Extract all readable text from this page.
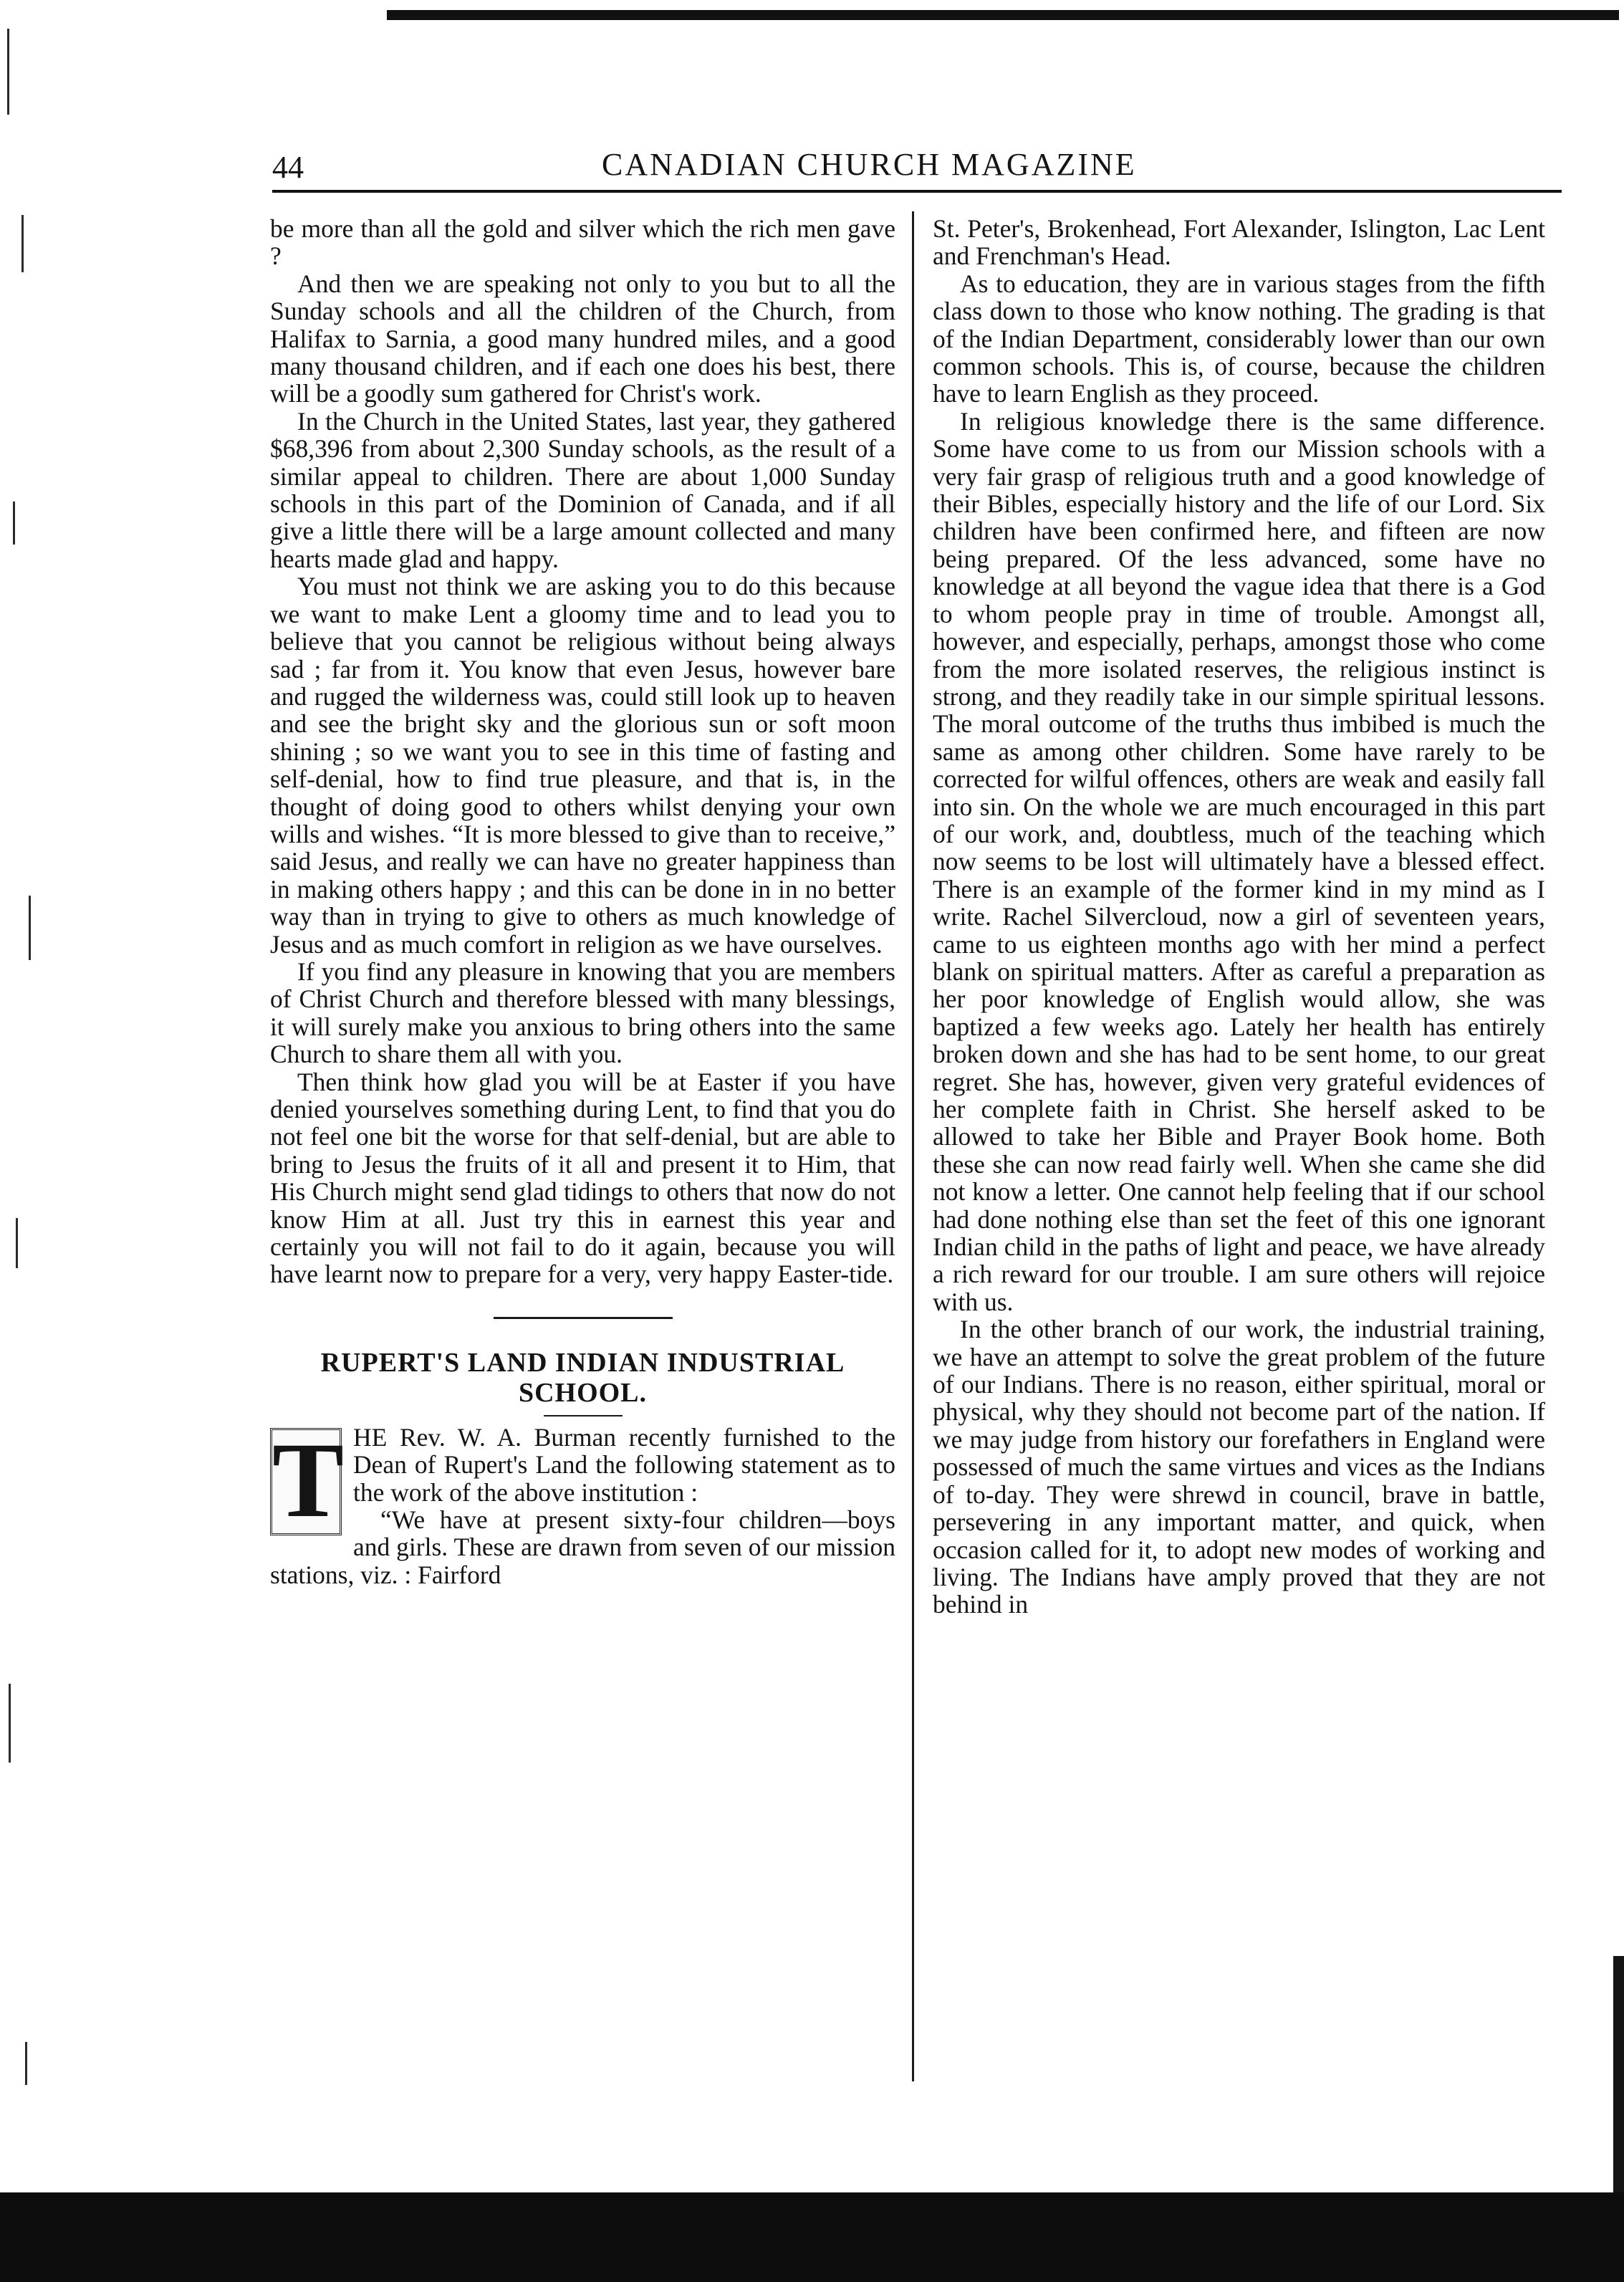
44	CANADIAN CHURCH MAGAZINE

be more than all the gold and silver which the rich men gave ?

And then we are speaking not only to you but to all the Sunday schools and all the children of the Church, from Halifax to Sarnia, a good many hundred miles, and a good many thousand children, and if each one does his best, there will be a goodly sum gathered for Christ's work.

In the Church in the United States, last year, they gathered $68,396 from about 2,300 Sunday schools, as the result of a similar appeal to children. There are about 1,000 Sunday schools in this part of the Dominion of Canada, and if all give a little there will be a large amount collected and many hearts made glad and happy.

You must not think we are asking you to do this because we want to make Lent a gloomy time and to lead you to believe that you cannot be religious without being always sad ; far from it. You know that even Jesus, however bare and rugged the wilderness was, could still look up to heaven and see the bright sky and the glorious sun or soft moon shining ; so we want you to see in this time of fasting and self-denial, how to find true pleasure, and that is, in the thought of doing good to others whilst denying your own wills and wishes. “It is more blessed to give than to receive,” said Jesus, and really we can have no greater happiness than in making others happy ; and this can be done in in no better way than in trying to give to others as much knowledge of Jesus and as much comfort in religion as we have ourselves.

If you find any pleasure in knowing that you are members of Christ Church and therefore blessed with many blessings, it will surely make you anxious to bring others into the same Church to share them all with you.

Then think how glad you will be at Easter if you have denied yourselves something during Lent, to find that you do not feel one bit the worse for that self-denial, but are able to bring to Jesus the fruits of it all and present it to Him, that His Church might send glad tidings to others that now do not know Him at all. Just try this in earnest this year and certainly you will not fail to do it again, because you will have learnt now to prepare for a very, very happy Easter-tide.

RUPERT'S LAND INDIAN INDUSTRIAL
SCHOOL.
T HE Rev. W. A. Burman recently furnished to the Dean of Rupert's Land the following statement as to the work of the above institution :

“We have at present sixty-four children—boys and girls. These are drawn from seven of our mission stations, viz. : Fairford

St. Peter's, Brokenhead, Fort Alexander, Islington, Lac Lent and Frenchman's Head.

As to education, they are in various stages from the fifth class down to those who know nothing. The grading is that of the Indian Department, considerably lower than our own common schools. This is, of course, because the children have to learn English as they proceed.

In religious knowledge there is the same difference. Some have come to us from our Mission schools with a very fair grasp of religious truth and a good knowledge of their Bibles, especially history and the life of our Lord. Six children have been confirmed here, and fifteen are now being prepared. Of the less advanced, some have no knowledge at all beyond the vague idea that there is a God to whom people pray in time of trouble. Amongst all, however, and especially, perhaps, amongst those who come from the more isolated reserves, the religious instinct is strong, and they readily take in our simple spiritual lessons. The moral outcome of the truths thus imbibed is much the same as among other children. Some have rarely to be corrected for wilful offences, others are weak and easily fall into sin. On the whole we are much encouraged in this part of our work, and, doubtless, much of the teaching which now seems to be lost will ultimately have a blessed effect. There is an example of the former kind in my mind as I write. Rachel Silvercloud, now a girl of seventeen years, came to us eighteen months ago with her mind a perfect blank on spiritual matters. After as careful a preparation as her poor knowledge of English would allow, she was baptized a few weeks ago. Lately her health has entirely broken down and she has had to be sent home, to our great regret. She has, however, given very grateful evidences of her complete faith in Christ. She herself asked to be allowed to take her Bible and Prayer Book home. Both these she can now read fairly well. When she came she did not know a letter. One cannot help feeling that if our school had done nothing else than set the feet of this one ignorant Indian child in the paths of light and peace, we have already a rich reward for our trouble. I am sure others will rejoice with us.

In the other branch of our work, the industrial training, we have an attempt to solve the great problem of the future of our Indians. There is no reason, either spiritual, moral or physical, why they should not become part of the nation. If we may judge from history our forefathers in England were possessed of much the same virtues and vices as the Indians of to-day. They were shrewd in council, brave in battle, persevering in any important matter, and quick, when occasion called for it, to adopt new modes of working and living. The Indians have amply proved that they are not behind in
